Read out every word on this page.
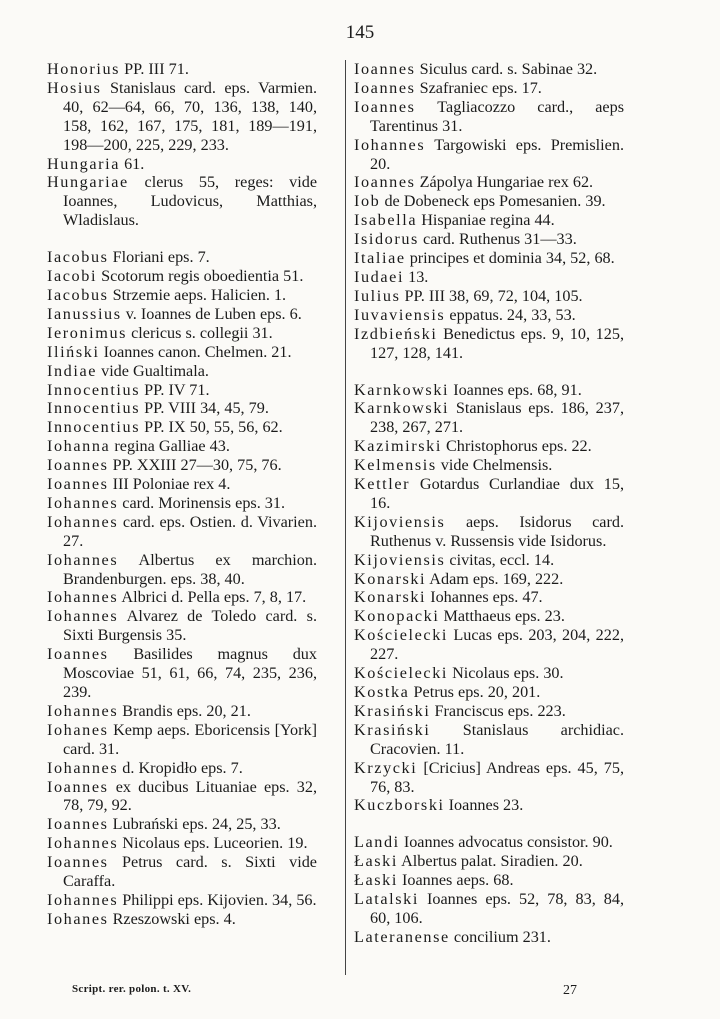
145

Honorius PP. III 71.

Hosius Stanislaus card. eps. Varmien. 40, 62—64, 66, 70, 136, 138, 140, 158, 162, 167, 175, 181, 189—191, 198—200, 225, 229, 233.

Hungaria 61.

Hungariae clerus 55, reges: vide Ioannes, Ludovicus, Matthias, Wladislaus.

Iacobus Floriani eps. 7.

Iacobi Scotorum regis oboedientia 51.

Iacobus Strzemie aeps. Halicien. 1.

Ianussius v. Ioannes de Luben eps. 6.

Ieronimus clericus s. collegii 31.

Iliński Ioannes canon. Chelmen. 21.

Indiae vide Gualtimala.

Innocentius PP. IV 71.

Innocentius PP. VIII 34, 45, 79.

Innocentius PP. IX 50, 55, 56, 62.

Iohanna regina Galliae 43.

Ioannes PP. XXIII 27—30, 75, 76.

Ioannes III Poloniae rex 4.

Iohannes card. Morinensis eps. 31.

Iohannes card. eps. Ostien. d. Vivarien. 27.

Iohannes Albertus ex marchion. Brandenburgen. eps. 38, 40.

Iohannes Albrici d. Pella eps. 7, 8, 17.

Iohannes Alvarez de Toledo card. s. Sixti Burgensis 35.

Ioannes Basilides magnus dux Moscoviae 51, 61, 66, 74, 235, 236, 239.

Iohannes Brandis eps. 20, 21.

Iohanes Kemp aeps. Eboricensis [York] card. 31.

Iohannes d. Kropidło eps. 7.

Ioannes ex ducibus Lituaniae eps. 32, 78, 79, 92.

Ioannes Lubrański eps. 24, 25, 33.

Iohannes Nicolaus eps. Luceorien. 19.

Ioannes Petrus card. s. Sixti vide Caraffa.

Iohannes Philippi eps. Kijovien. 34, 56.

Iohanes Rzeszowski eps. 4.

Ioannes Siculus card. s. Sabinae 32.

Ioannes Szafraniec eps. 17.

Ioannes Tagliacozzo card., aeps Tarentinus 31.

Iohannes Targowiski eps. Premislien. 20.

Ioannes Zápolya Hungariae rex 62.

Iob de Dobeneck eps Pomesanien. 39.

Isabella Hispaniae regina 44.

Isidorus card. Ruthenus 31—33.

Italiae principes et dominia 34, 52, 68.

Iudaei 13.

Iulius PP. III 38, 69, 72, 104, 105.

Iuvaviensis eppatus. 24, 33, 53.

Izdbieński Benedictus eps. 9, 10, 125, 127, 128, 141.

Karnkowski Ioannes eps. 68, 91.

Karnkowski Stanislaus eps. 186, 237, 238, 267, 271.

Kazimirski Christophorus eps. 22.

Kelmensis vide Chelmensis.

Kettler Gotardus Curlandiae dux 15, 16.

Kijoviensis aeps. Isidorus card. Ruthenus v. Russensis vide Isidorus.

Kijoviensis civitas, eccl. 14.

Konarski Adam eps. 169, 222.

Konarski Iohannes eps. 47.

Konopacki Matthaeus eps. 23.

Kościelecki Lucas eps. 203, 204, 222, 227.

Kościelecki Nicolaus eps. 30.

Kostka Petrus eps. 20, 201.

Krasiński Franciscus eps. 223.

Krasiński Stanislaus archidiac. Cracovien. 11.

Krzycki [Cricius] Andreas eps. 45, 75, 76, 83.

Kuczborski Ioannes 23.

Landi Ioannes advocatus consistor. 90.

Łaski Albertus palat. Siradien. 20.

Łaski Ioannes aeps. 68.

Latalski Ioannes eps. 52, 78, 83, 84, 60, 106.

Lateranense concilium 231.

Script. rer. polon. t. XV.	27
